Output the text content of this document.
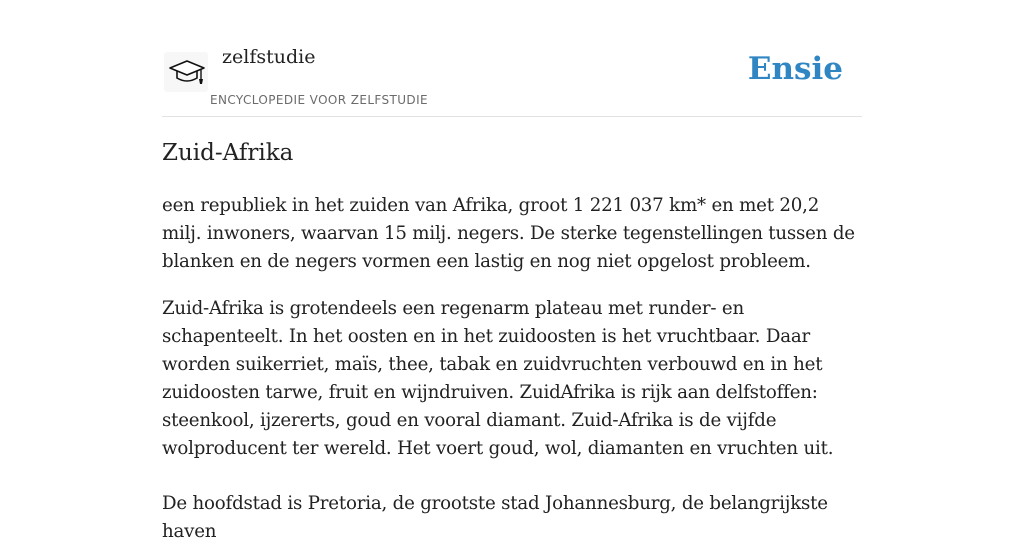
zelfstudie
ENCYCLOPEDIE VOOR ZELFSTUDIE
Ensie
Zuid-Afrika

een republiek in het zuiden van Afrika, groot 1 221 037 km* en met 20,2 milj. inwoners, waarvan 15 milj. negers. De sterke tegenstellingen tussen de blanken en de negers vormen een lastig en nog niet opgelost probleem.

Zuid-Afrika is grotendeels een regenarm plateau met runder- en schapenteelt. In het oosten en in het zuidoosten is het vruchtbaar. Daar worden suikerriet, maïs, thee, tabak en zuidvruchten verbouwd en in het zuidoosten tarwe, fruit en wijndruiven. ZuidAfrika is rijk aan delfstoffen: steenkool, ijzererts, goud en vooral diamant. Zuid-Afrika is de vijfde wolproducent ter wereld. Het voert goud, wol, diamanten en vruchten uit.

De hoofdstad is Pretoria, de grootste stad Johannesburg, de belangrijkste haven
